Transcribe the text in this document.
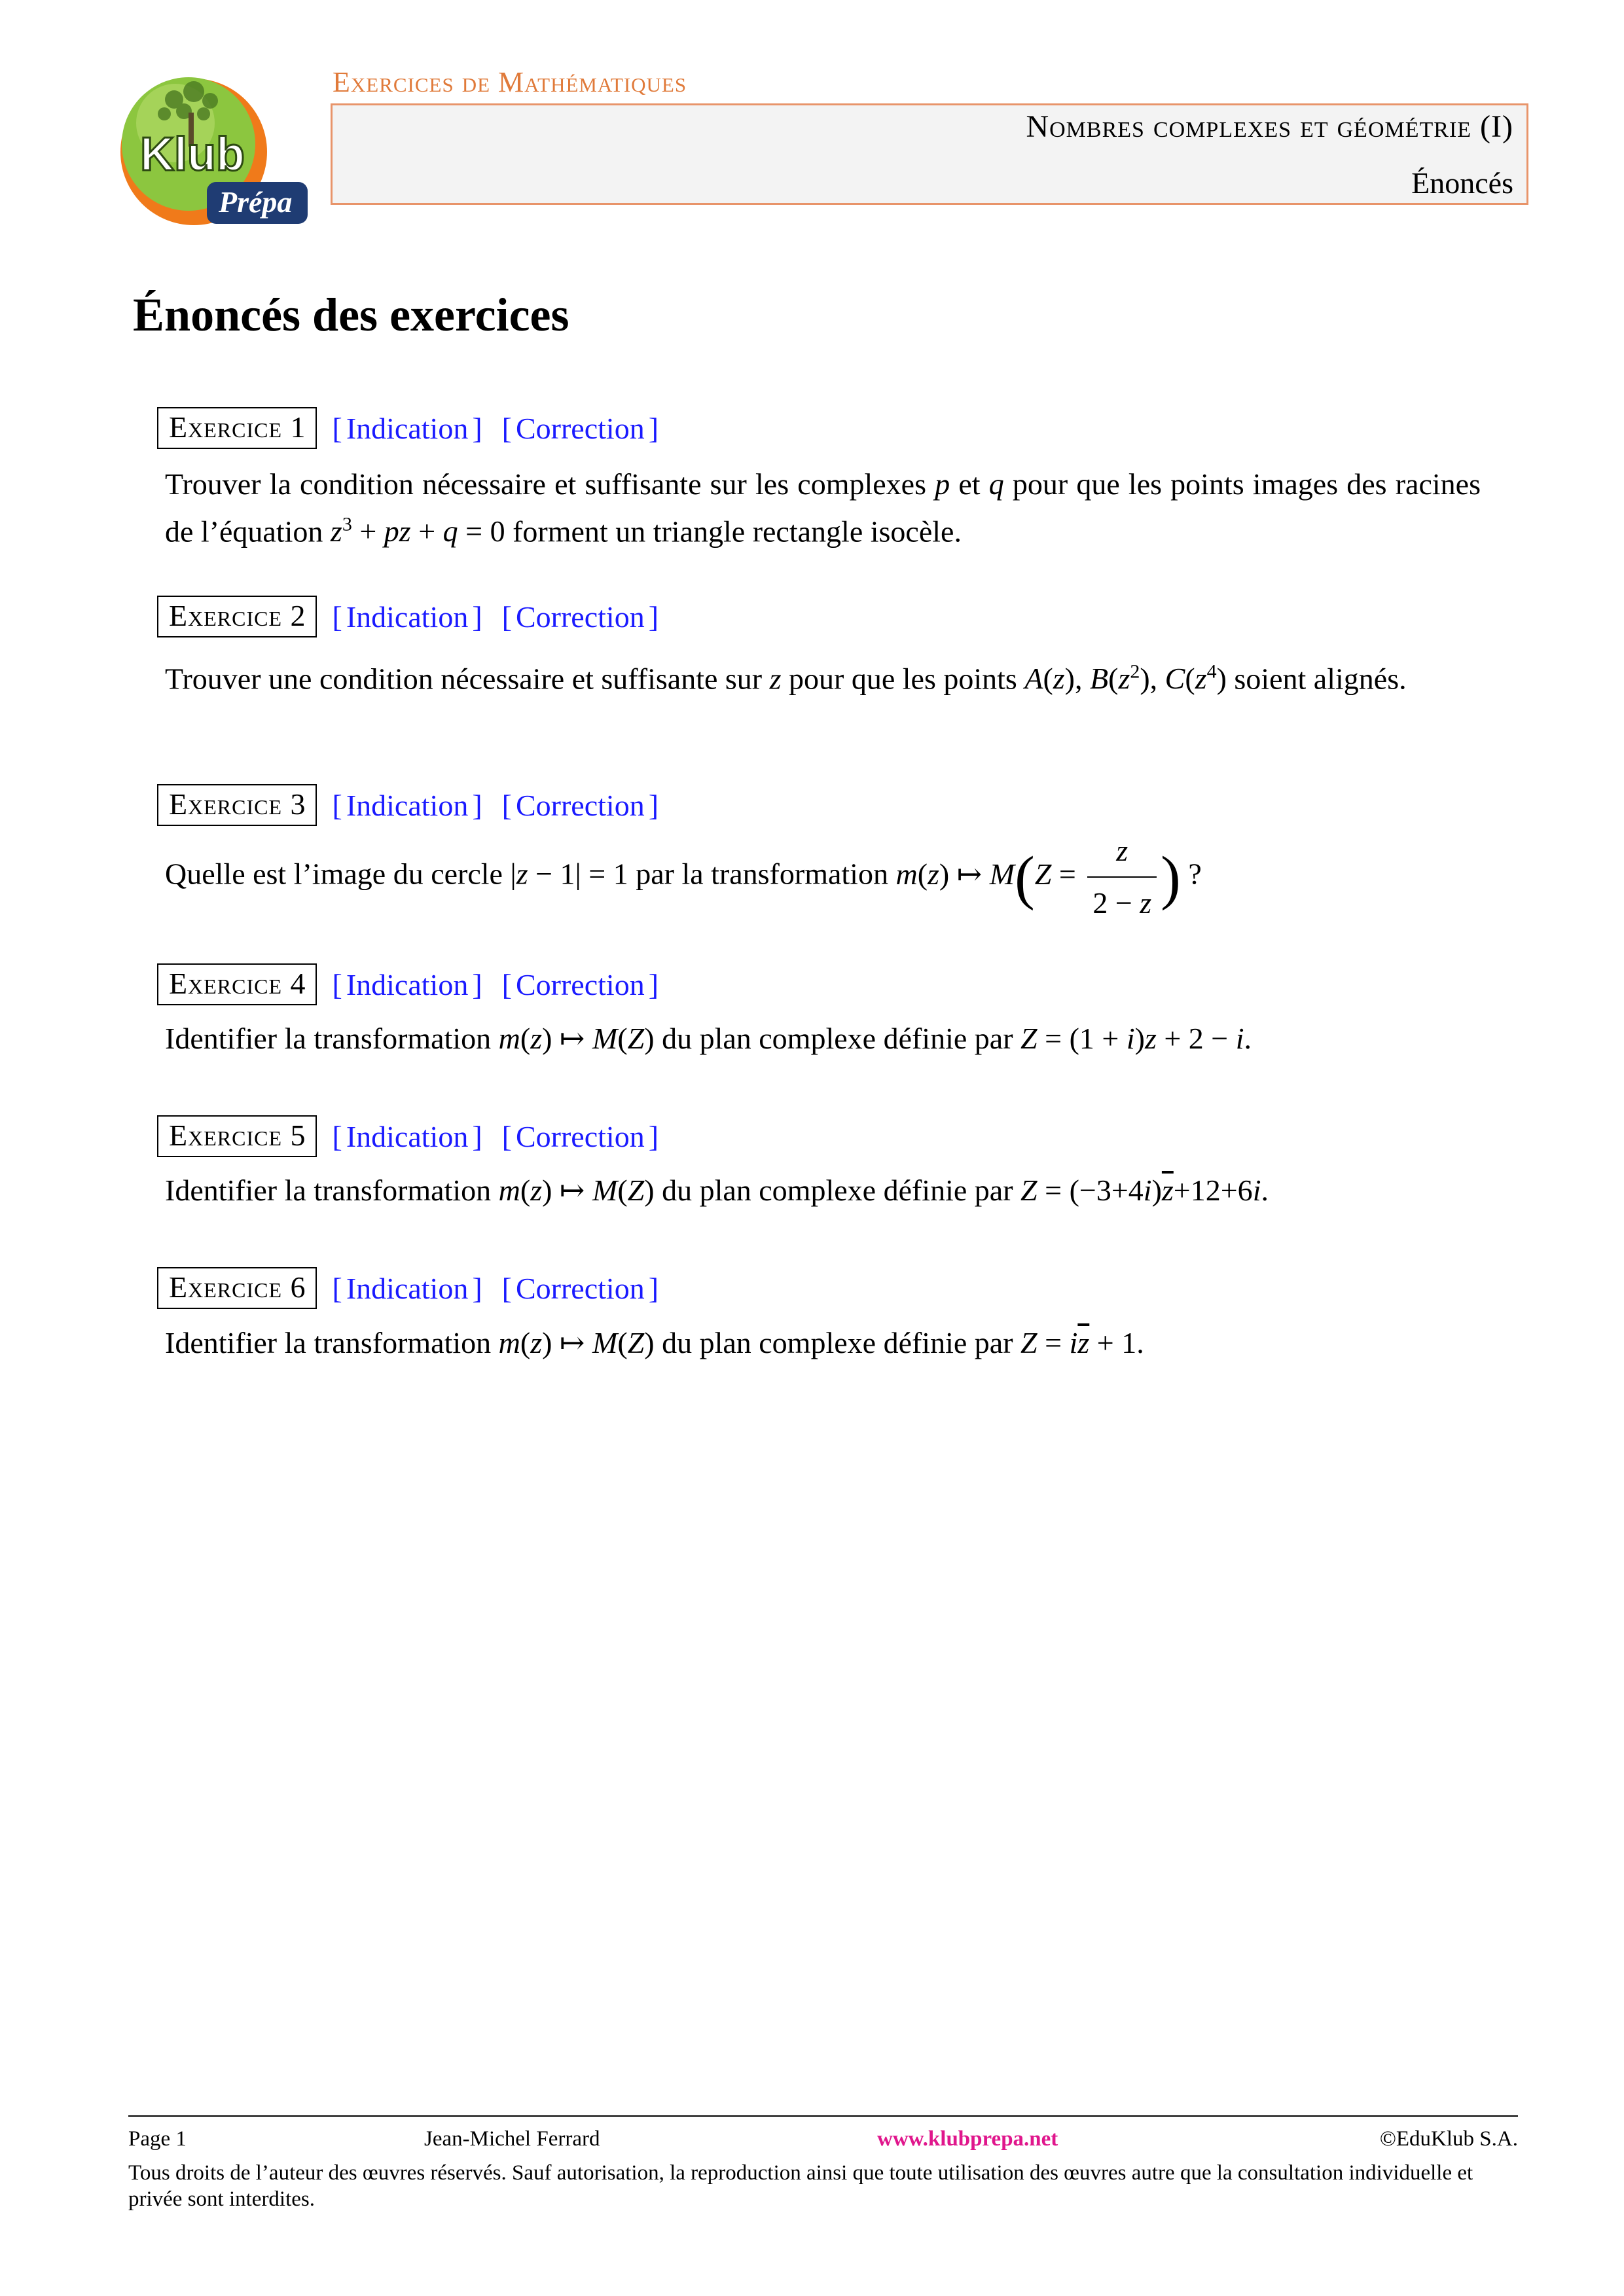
Klub
Prépa
Exercices de Mathématiques
Nombres complexes et géométrie (I)
Énoncés
Énoncés des exercices
Exercice 1 [ Indication ] [ Correction ]
Trouver la condition nécessaire et suffisante sur les complexes p et q pour que les points images des racines de l’équation $z^3$ + pz + q = 0 forment un triangle rectangle isocèle.
Exercice 2 [ Indication ] [ Correction ]
Trouver une condition nécessaire et suffisante sur z pour que les points A(z), $B(z^2)$, $C(z^4)$ soient alignés.
Exercice 3 [ Indication ] [ Correction ]
Quelle est l’image du cercle |z − 1| = 1 par la transformation m(z) ↦ $M(Z = \frac{z}{2 - z}$ ) ?
Exercice 4 [ Indication ] [ Correction ]
Identifier la transformation m(z) ↦ M(Z) du plan complexe définie par Z = (1 + i)z + 2 − i.
Exercice 5 [ Indication ] [ Correction ]
Identifier la transformation m(z) ↦ M(Z) du plan complexe définie par $Z = (-3+4i)\overline{z}+12+6i$.
Exercice 6 [ Indication ] [ Correction ]
Identifier la transformation m(z) ↦ M(Z) du plan complexe définie par $Z = i\overline{z} + 1$.
Page 1	Jean-Michel Ferrard	www.klubprepa.net	©EduKlub S.A.
Tous droits de l’auteur des œuvres réservés. Sauf autorisation, la reproduction ainsi que toute utilisation des œuvres autre que la consultation individuelle et privée sont interdites.
